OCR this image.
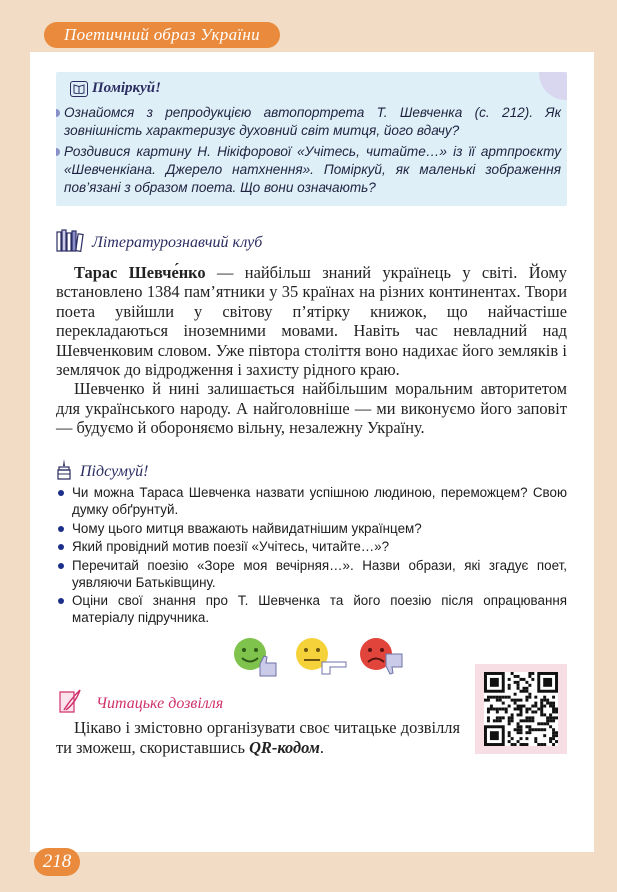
Поетичний образ України
Поміркуй!
Ознайомся з репродукцією автопортрета Т. Шевченка (с. 212). Як зовнішність характеризує духовний світ митця, його вдачу?
Роздивися картину Н. Нікіфорової «Учітесь, читайте…» із її артпроєкту «Шевченкіана. Джерело натхнення». Поміркуй, як маленькі зображення пов’язані з образом поета. Що вони означають?
Літературознавчий клуб

Тарас Шевче́нко — найбільш знаний українець у світі. Йому встановлено 1384 пам’ятники у 35 країнах на різних континентах. Твори поета увійшли у світову п’ятірку книжок, що найчастіше перекладаються іноземними мовами. Навіть час невладний над Шевченковим словом. Уже півтора століття воно надихає його земляків і землячок до відродження і захисту рідного краю.

Шевченко й нині залишається найбільшим моральним авторитетом для українського народу. А найголовніше — ми виконуємо його заповіт — будуємо й обороняємо вільну, незалежну Україну.

Підсумуй!
Чи можна Тараса Шевченка назвати успішною людиною, переможцем? Свою думку обґрунтуй.
Чому цього митця вважають найвидатнішим українцем?
Який провідний мотив поезії «Учітесь, читайте…»?
Перечитай поезію «Зоре моя вечірняя…». Назви образи, які згадує поет, уявляючи Батьківщину.
Оціни свої знання про Т. Шевченка та його поезію після опрацювання матеріалу підручника.
Читацьке дозвілля

Цікаво і змістовно організувати своє читацьке дозвілля ти зможеш, скориставшись QR-кодом.

218
